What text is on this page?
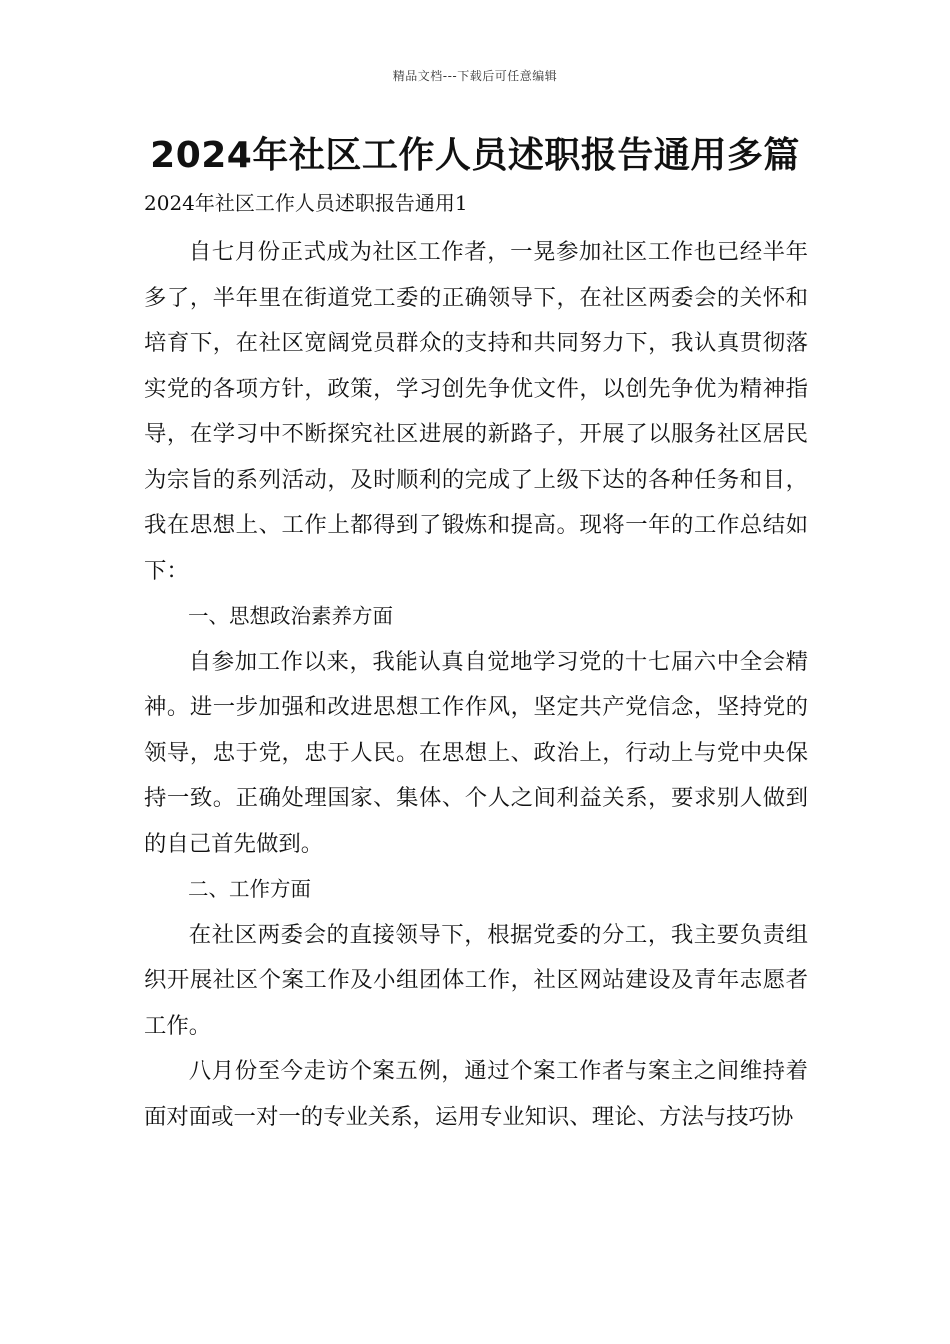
精品文档---下载后可任意编辑
2024年社区工作人员述职报告通用多篇
2024年社区工作人员述职报告通用1

自七月份正式成为社区工作者，一晃参加社区工作也已经半年多了，半年里在街道党工委的正确领导下，在社区两委会的关怀和培育下，在社区宽阔党员群众的支持和共同努力下，我认真贯彻落实党的各项方针，政策，学习创先争优文件，以创先争优为精神指导，在学习中不断探究社区进展的新路子，开展了以服务社区居民为宗旨的系列活动，及时顺利的完成了上级下达的各种任务和目，我在思想上、工作上都得到了锻炼和提高。现将一年的工作总结如下：

一、思想政治素养方面

自参加工作以来，我能认真自觉地学习党的十七届六中全会精神。进一步加强和改进思想工作作风，坚定共产党信念，坚持党的领导，忠于党，忠于人民。在思想上、政治上，行动上与党中央保持一致。正确处理国家、集体、个人之间利益关系，要求别人做到的自己首先做到。

二、工作方面

在社区两委会的直接领导下，根据党委的分工，我主要负责组织开展社区个案工作及小组团体工作，社区网站建设及青年志愿者工作。

八月份至今走访个案五例，通过个案工作者与案主之间维持着面对面或一对一的专业关系，运用专业知识、理论、方法与技巧协
